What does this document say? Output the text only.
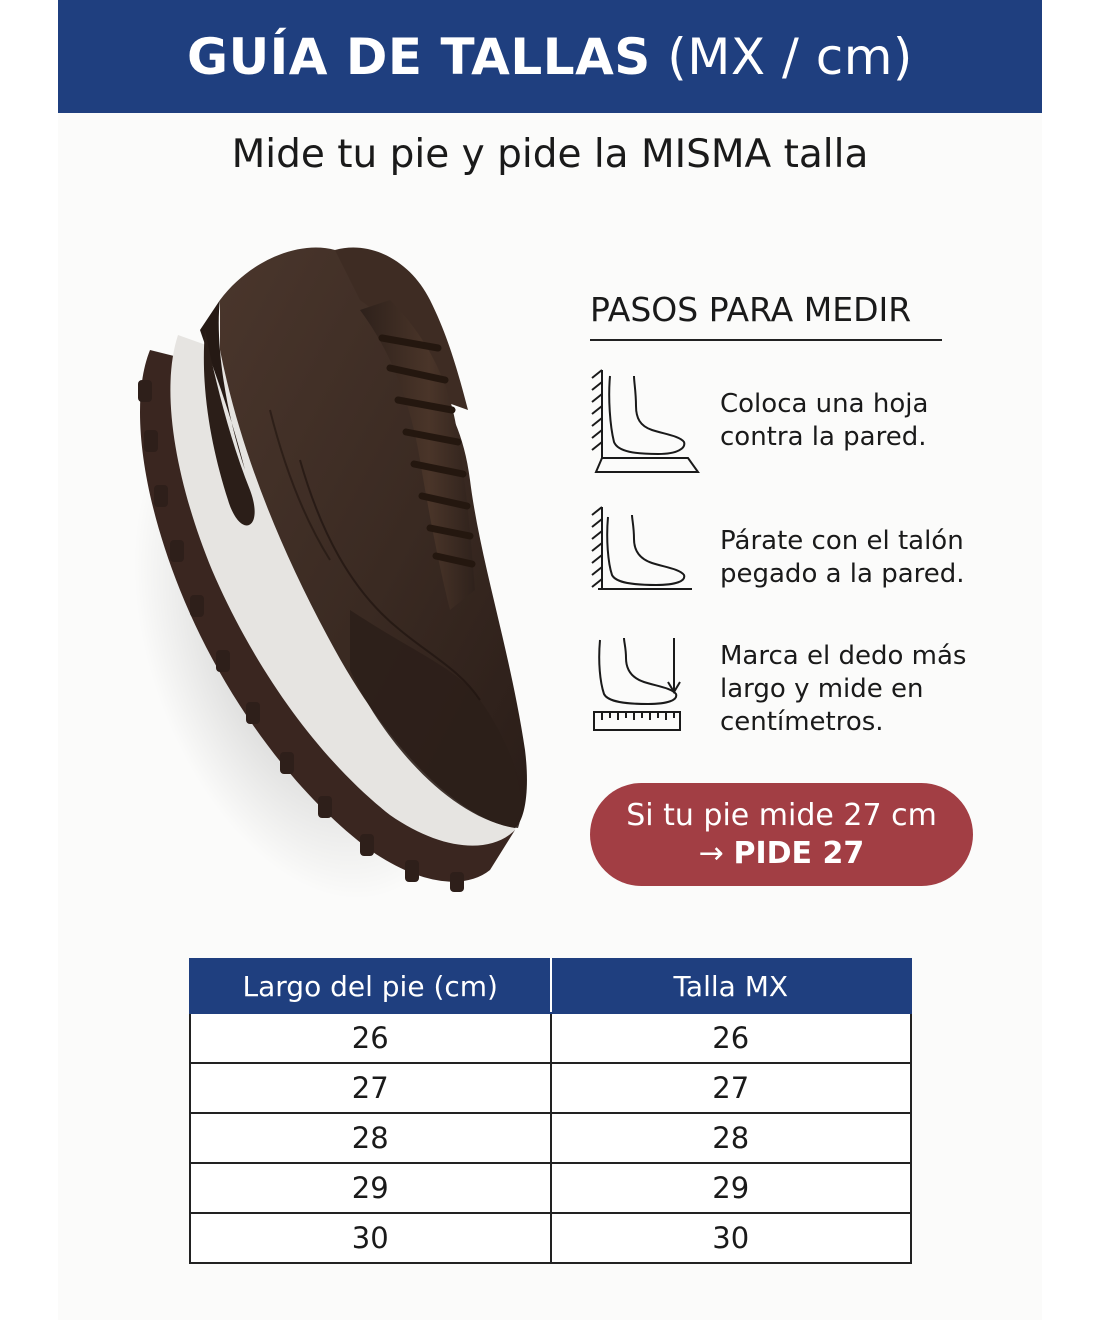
GUÍA DE TALLAS (MX / cm)
Mide tu pie y pide la MISMA talla
PASOS PARA MEDIR
Coloca una hoja
contra la pared.
Párate con el talón
pegado a la pared.
Marca el dedo más
largo y mide en
centímetros.
Si tu pie mide 27 cm
→ PIDE 27
Largo del pie (cm)	Talla MX
26	26
27	27
28	28
29	29
30	30
